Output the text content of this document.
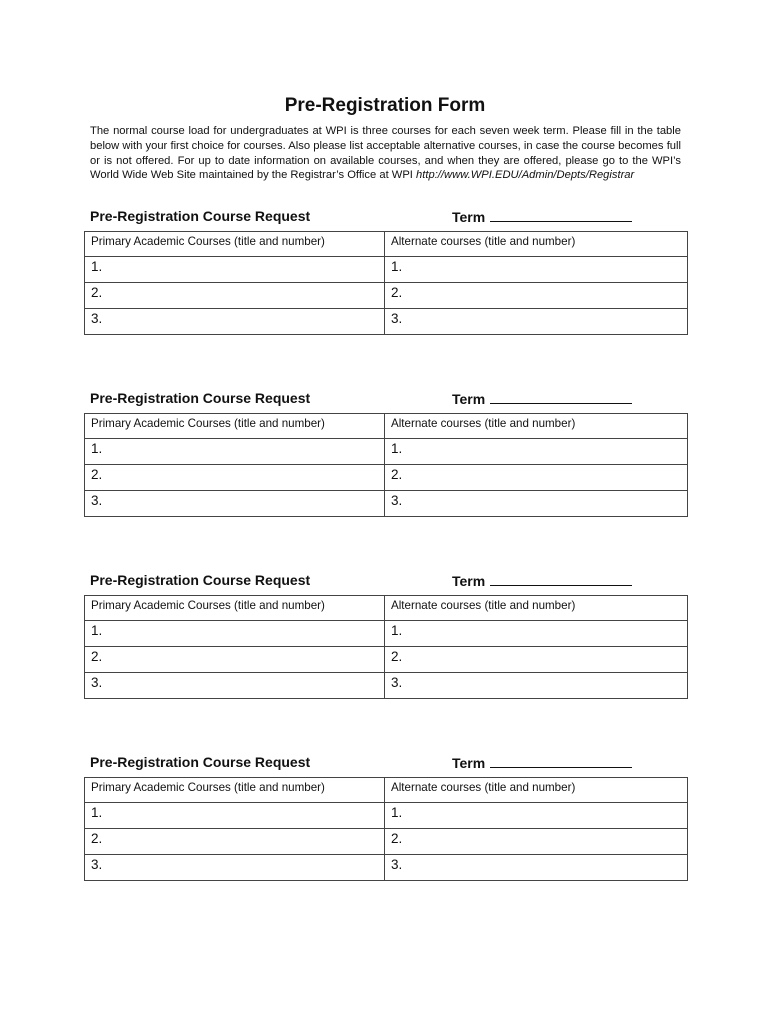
Pre-Registration Form

The normal course load for undergraduates at WPI is three courses for each seven week term. Please fill in the table below with your first choice for courses. Also please list acceptable alternative courses, in case the course becomes full or is not offered. For up to date information on available courses, and when they are offered, please go to the WPI’s World Wide Web Site maintained by the Registrar’s Office at WPI http://www.WPI.EDU/Admin/Depts/Registrar

Pre-Registration Course Request	Term
Primary Academic Courses (title and number)	Alternate courses (title and number)
1.	1.
2.	2.
3.	3.
Pre-Registration Course Request	Term
Primary Academic Courses (title and number)	Alternate courses (title and number)
1.	1.
2.	2.
3.	3.
Pre-Registration Course Request	Term
Primary Academic Courses (title and number)	Alternate courses (title and number)
1.	1.
2.	2.
3.	3.
Pre-Registration Course Request	Term
Primary Academic Courses (title and number)	Alternate courses (title and number)
1.	1.
2.	2.
3.	3.
